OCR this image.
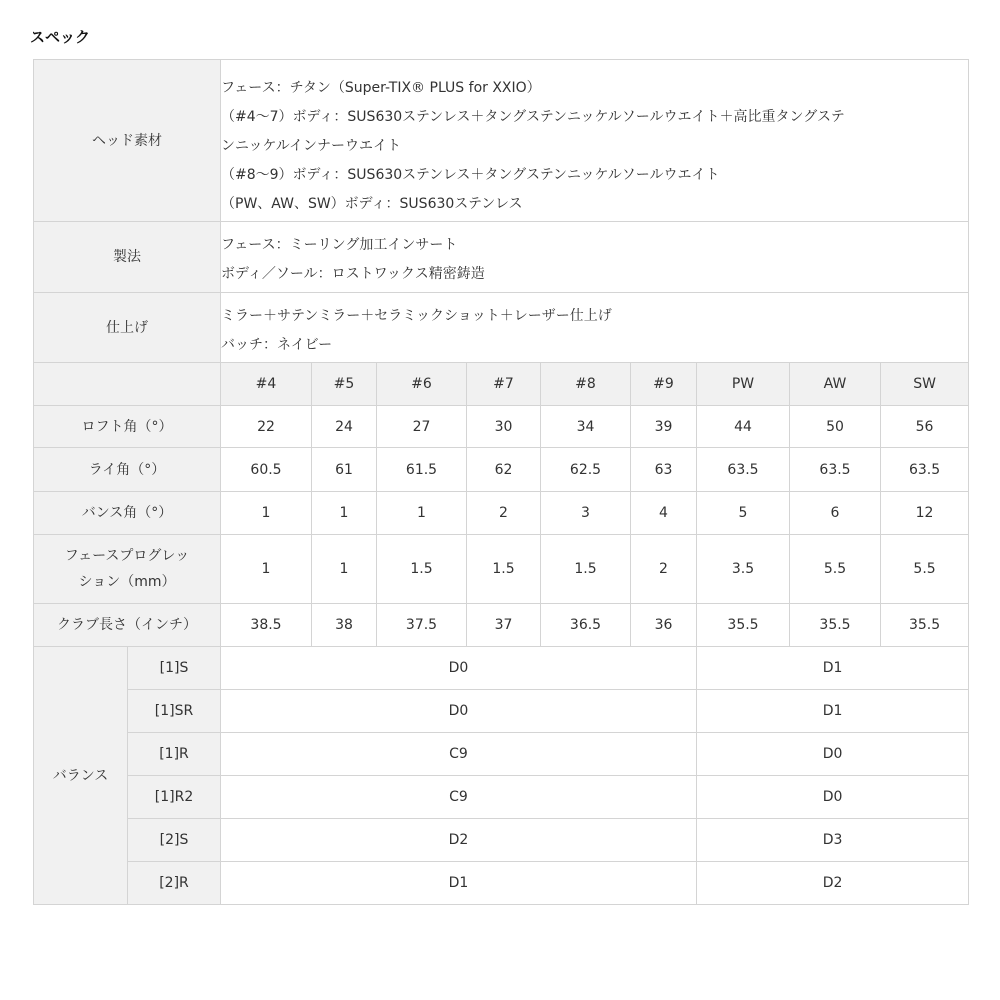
スペック
ヘッド素材		フェース：チタン（Super-TIX® PLUS for XXIO）
（#4～7）ボディ：SUS630ステンレス＋タングステンニッケルソールウエイト＋高比重タングステ
ンニッケルインナーウエイト
（#8～9）ボディ：SUS630ステンレス＋タングステンニッケルソールウエイト
（PW、AW、SW）ボディ：SUS630ステンレス								

製法		フェース：ミーリング加工インサート
ボディ／ソール：ロストワックス精密鋳造								

仕上げ		ミラー＋サテンミラー＋セラミックショット＋レーザー仕上げ
バッチ：ネイビー								

		#4	#5	#6	#7	#8	#9	PW	AW	SW
ロフト角（°）		22	24	27	30	34	39	44	50	56
ライ角（°）		60.5	61	61.5	62	62.5	63	63.5	63.5	63.5
バンス角（°）		1	1	1	2	3	4	5	6	12

フェースプログレッ
ション（mm）		1	1	1.5	1.5	1.5	2	3.5	5.5	5.5
クラブ長さ（インチ）		38.5	38	37.5	37	36.5	36	35.5	35.5	35.5
バランス	[1]S	D0						D1		
	[1]SR	D0						D1		
	[1]R	C9						D0		
	[1]R2	C9						D0		
	[2]S	D2						D3		
	[2]R	D1						D2		
